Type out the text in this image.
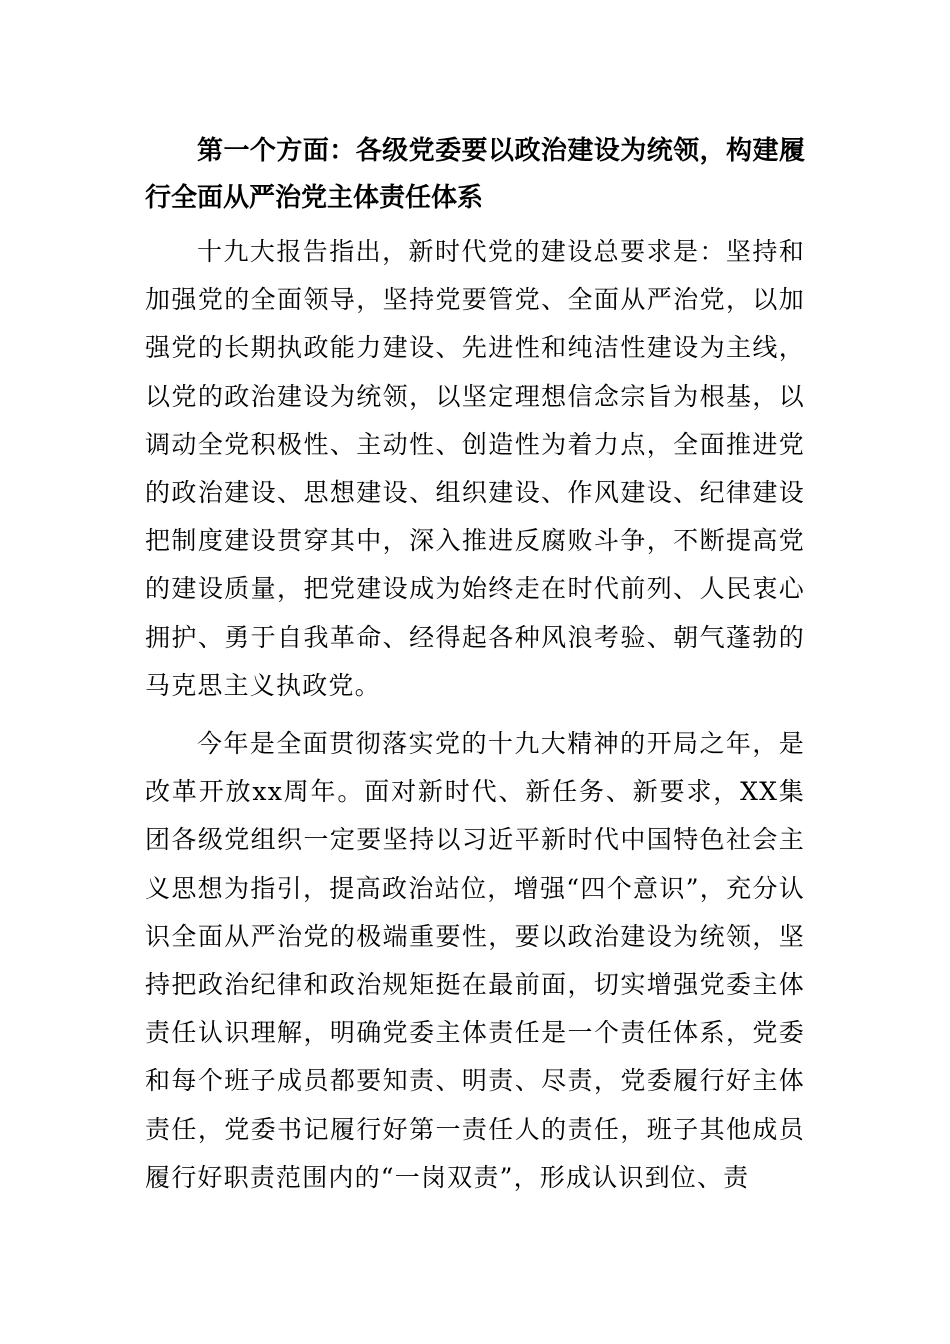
第一个方面：各级党委要以政治建设为统领，构建履行全面从严治党主体责任体系

十九大报告指出，新时代党的建设总要求是：坚持和加强党的全面领导，坚持党要管党、全面从严治党，以加强党的长期执政能力建设、先进性和纯洁性建设为主线，以党的政治建设为统领，以坚定理想信念宗旨为根基，以调动全党积极性、主动性、创造性为着力点，全面推进党的政治建设、思想建设、组织建设、作风建设、纪律建设把制度建设贯穿其中，深入推进反腐败斗争，不断提高党的建设质量，把党建设成为始终走在时代前列、人民衷心拥护、勇于自我革命、经得起各种风浪考验、朝气蓬勃的马克思主义执政党。

今年是全面贯彻落实党的十九大精神的开局之年，是改革开放xx周年。面对新时代、新任务、新要求，XX集团各级党组织一定要坚持以习近平新时代中国特色社会主义思想为指引，提高政治站位，增强“四个意识”，充分认识全面从严治党的极端重要性，要以政治建设为统领，坚持把政治纪律和政治规矩挺在最前面，切实增强党委主体责任认识理解，明确党委主体责任是一个责任体系，党委和每个班子成员都要知责、明责、尽责，党委履行好主体责任，党委书记履行好第一责任人的责任，班子其他成员履行好职责范围内的“一岗双责”，形成认识到位、责
